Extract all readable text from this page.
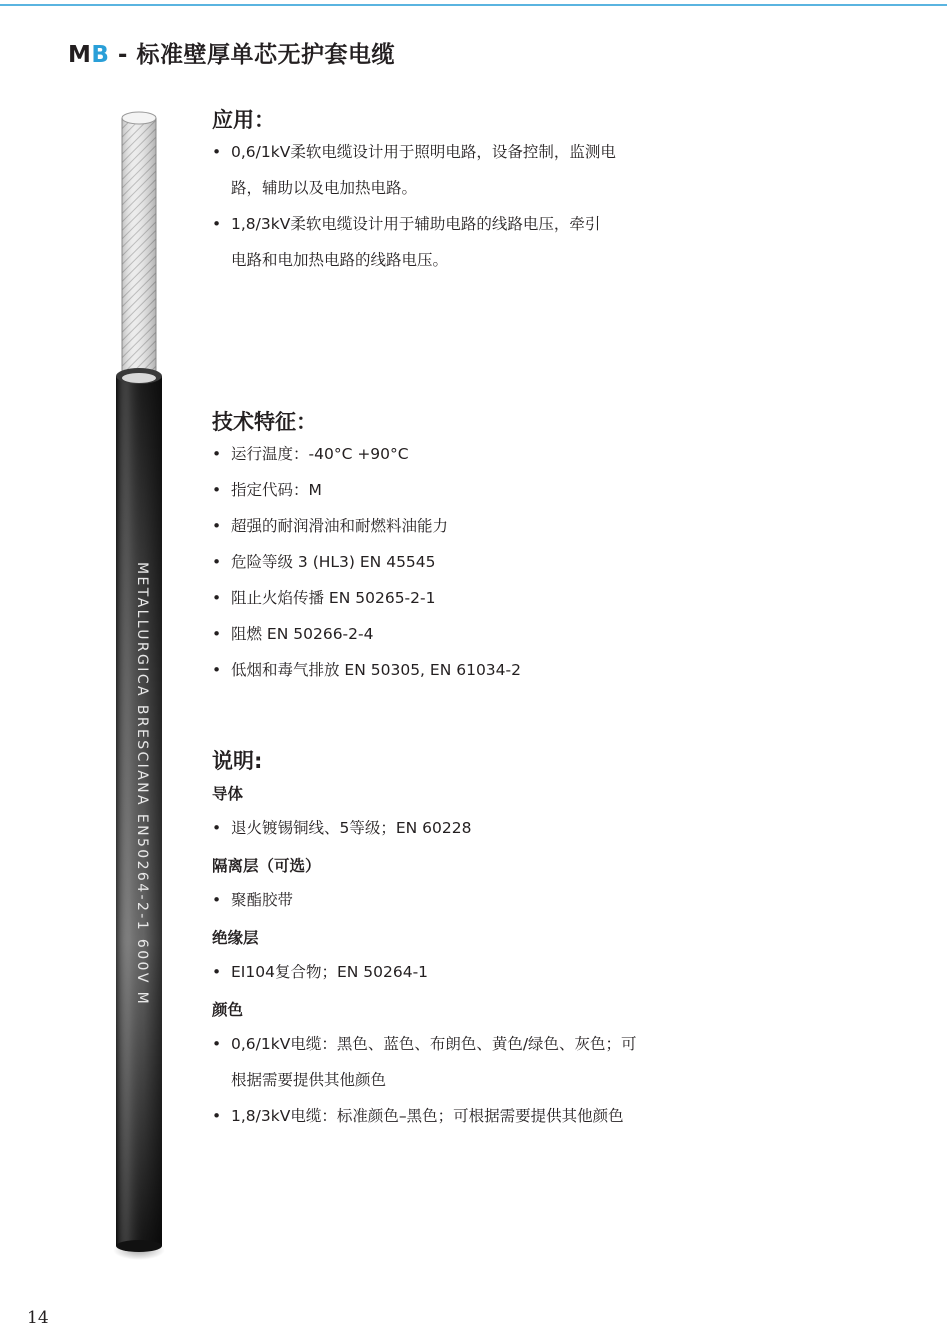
MB - 标准壁厚单芯无护套电缆
METALLURGICA BRESCIANA EN50264-2-1 600V M
应用：
• 0,6/1kV柔软电缆设计用于照明电路，设备控制，监测电
路，辅助以及电加热电路。
• 1,8/3kV柔软电缆设计用于辅助电路的线路电压，牵引
电路和电加热电路的线路电压。
技术特征：
• 运行温度：-40°C +90°C
• 指定代码：M
• 超强的耐润滑油和耐燃料油能力
• 危险等级 3 (HL3) EN 45545
• 阻止火焰传播 EN 50265-2-1
• 阻燃 EN 50266-2-4
• 低烟和毒气排放 EN 50305, EN 61034-2
说明:
导体
• 退火镀锡铜线、5等级；EN 60228
隔离层（可选）
• 聚酯胶带
绝缘层
• EI104复合物；EN 50264-1
颜色
• 0,6/1kV电缆：黑色、蓝色、布朗色、黄色/绿色、灰色；可
根据需要提供其他颜色
• 1,8/3kV电缆：标准颜色–黑色；可根据需要提供其他颜色
14
